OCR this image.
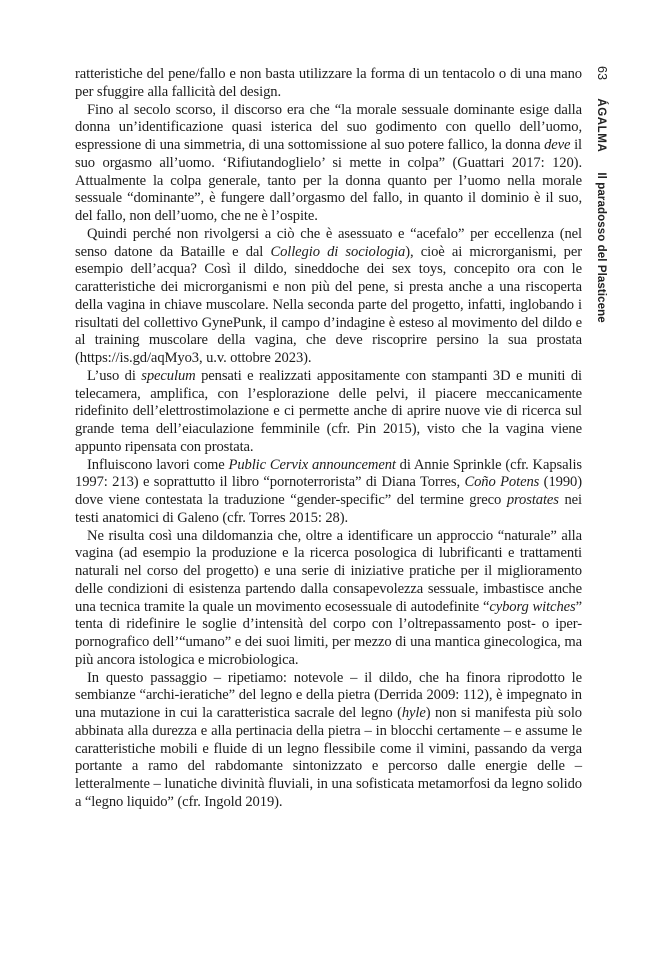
ratteristiche del pene/fallo e non basta utilizzare la forma di un tentacolo o di una mano per sfuggire alla fallicità del design.

Fino al secolo scorso, il discorso era che “la morale sessuale dominante esige dalla donna un’identificazione quasi isterica del suo godimento con quello dell’uomo, espressione di una simmetria, di una sottomissione al suo potere fallico, la donna deve il suo orgasmo all’uomo. ‘Rifiutandoglielo’ si mette in colpa” (Guattari 2017: 120). Attualmente la colpa generale, tanto per la donna quanto per l’uomo nella morale sessuale “dominante”, è fungere dall’orgasmo del fallo, in quanto il dominio è il suo, del fallo, non dell’uomo, che ne è l’ospite.

Quindi perché non rivolgersi a ciò che è asessuato e “acefalo” per eccellenza (nel senso datone da Bataille e dal Collegio di sociologia), cioè ai microrganismi, per esempio dell’acqua? Così il dildo, sineddoche dei sex toys, concepito ora con le caratteristiche dei microrganismi e non più del pene, si presta anche a una riscoperta della vagina in chiave muscolare. Nella seconda parte del progetto, infatti, inglobando i risultati del collettivo GynePunk, il campo d’indagine è esteso al movimento del dildo e al training muscolare della vagina, che deve riscoprire persino la sua prostata (https://is.gd/aqMyo3, u.v. ottobre 2023).

L’uso di speculum pensati e realizzati appositamente con stampanti 3D e muniti di telecamera, amplifica, con l’esplorazione delle pelvi, il piacere meccanicamente ridefinito dell’elettrostimolazione e ci permette anche di aprire nuove vie di ricerca sul grande tema dell’eiaculazione femminile (cfr. Pin 2015), visto che la vagina viene appunto ripensata con prostata.

Influiscono lavori come Public Cervix announcement di Annie Sprinkle (cfr. Kapsalis 1997: 213) e soprattutto il libro “pornoterrorista” di Diana Torres, Coño Potens (1990) dove viene contestata la traduzione “gender-specific” del termine greco prostates nei testi anatomici di Galeno (cfr. Torres 2015: 28).

Ne risulta così una dildomanzia che, oltre a identificare un approccio “naturale” alla vagina (ad esempio la produzione e la ricerca posologica di lubrificanti e trattamenti naturali nel corso del progetto) e una serie di iniziative pratiche per il miglioramento delle condizioni di esistenza partendo dalla consapevolezza sessuale, imbastisce anche una tecnica tramite la quale un movimento ecosessuale di autodefinite “cyborg witches” tenta di ridefinire le soglie d’intensità del corpo con l’oltrepassamento post- o iper-pornografico dell’“umano” e dei suoi limiti, per mezzo di una mantica ginecologica, ma più ancora istologica e microbiologica.

In questo passaggio – ripetiamo: notevole – il dildo, che ha finora riprodotto le sembianze “archi-ieratiche” del legno e della pietra (Derrida 2009: 112), è impegnato in una mutazione in cui la caratteristica sacrale del legno (hyle) non si manifesta più solo abbinata alla durezza e alla pertinacia della pietra – in blocchi certamente – e assume le caratteristiche mobili e fluide di un legno flessibile come il vimini, passando da verga portante a ramo del rabdomante sintonizzato e percorso dalle energie delle – letteralmente – lunatiche divinità fluviali, in una sofisticata metamorfosi da legno solido a “legno liquido” (cfr. Ingold 2019).

63ÁGALMAIl paradosso del Plasticene
